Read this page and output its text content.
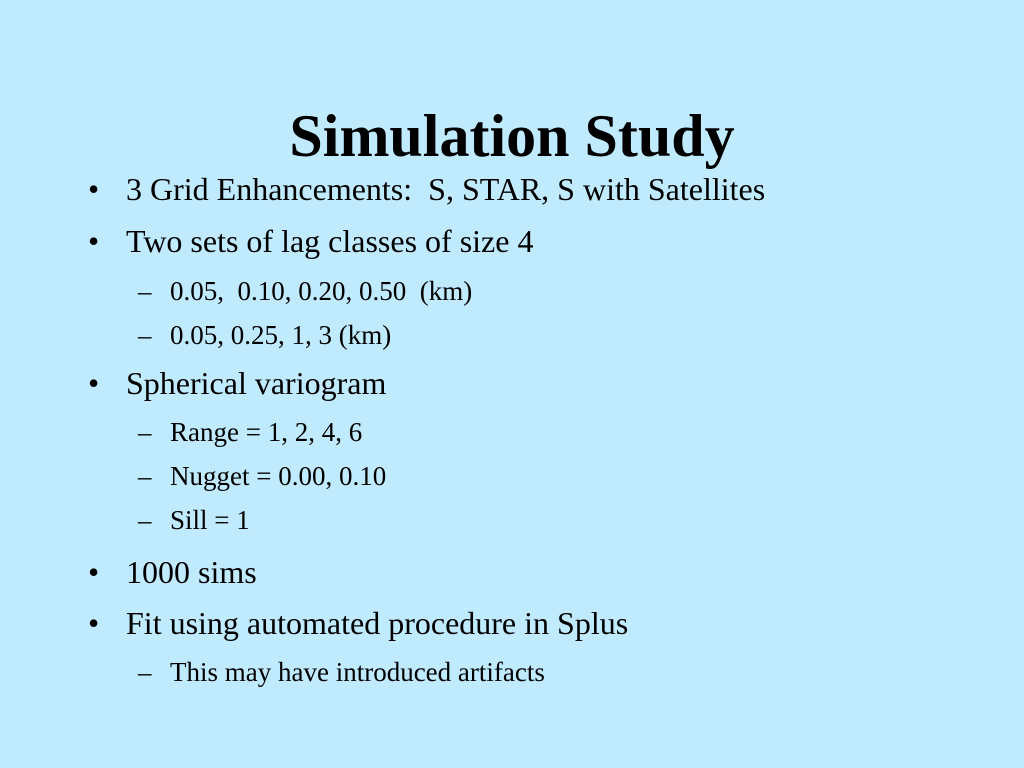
Simulation Study
• 3 Grid Enhancements:  S, STAR, S with Satellites
• Two sets of lag classes of size 4
– 0.05,  0.10, 0.20, 0.50  (km)
– 0.05, 0.25, 1, 3 (km)
• Spherical variogram
– Range = 1, 2, 4, 6
– Nugget = 0.00, 0.10
– Sill = 1
• 1000 sims
• Fit using automated procedure in Splus
– This may have introduced artifacts
